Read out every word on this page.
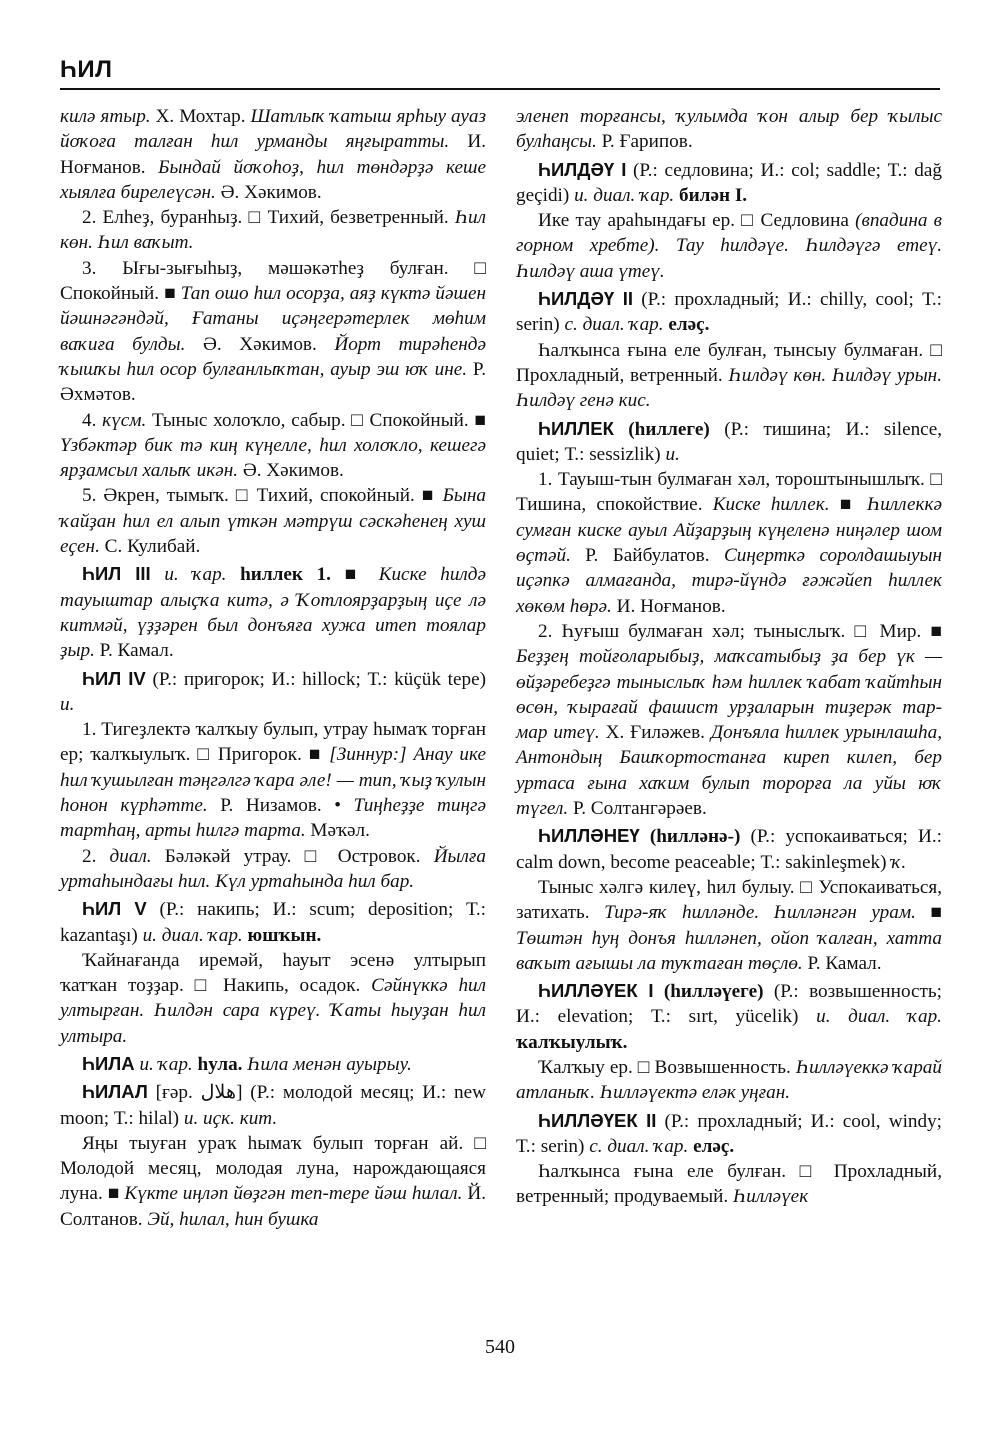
ҺИЛ

килә ятыр. Х. Мохтар. Шатлыҡ ҡатыш ярһыу ауаз йоҡоға талған һил урманды яңғыратты. И. Ноғманов. Бындай йоҡоһоҙ, һил төндәрҙә кеше хыялға бирелеүсән. Ә. Хәкимов.

2. Елһеҙ, буранһыҙ. □ Тихий, безветренный. Һил көн. Һил ваҡыт.

3. Ығы-зығыһыҙ, мәшәкәтһеҙ булған. □ Спокойный. ■ Тап ошо һил осорҙа, аяҙ күктә йәшен йәшнәгәндәй, Ғатаны иҫәңгерәтерлек мөһим ваҡиға булды. Ә. Хәкимов. Йорт тирәһендә ҡышҡы һил осор булғанлыҡтан, ауыр эш юҡ ине. Р. Әхмәтов.

4. күсм. Тыныс холоҡло, сабыр. □ Спокойный. ■ Үзбәктәр бик тә киң күңелле, һил холоҡло, кешегә ярҙамсыл халыҡ икән. Ә. Хәкимов.

5. Әкрен, тымыҡ. □ Тихий, спокойный. ■ Бына ҡайҙан һил ел алып үткән мәтрүш сәскәһенең хуш еҫен. С. Кулибай.

ҺИЛ III и. ҡар. һиллек 1. ■ Киске һилдә тауыштар алыҫҡа китә, ә Ҡотлоярҙарҙың иҫе лә китмәй, үҙҙәрен был донъяға хужа итеп тоялар ҙыр. Р. Камал.

ҺИЛ IV (Р.: пригорок; И.: hillock; Т.: küçük tepe) и.

1. Тигеҙлектә ҡалҡыу булып, утрау һымаҡ торған ер; ҡалҡыулыҡ. □ Пригорок. ■ [Зиннур:] Анау ике һил ҡушылған тәңгәлгә ҡара әле! — тип, ҡыҙ ҡулын һонон күрһәтте. Р. Низамов. • Тиңһеҙҙе тиңгә тартһаң, арты һилгә тарта. Мәҡәл.

2. диал. Бәләкәй утрау. □ Островок. Йылға уртаһындағы һил. Күл уртаһында һил бар.

ҺИЛ V (Р.: накипь; И.: scum; deposition; Т.: kazantaşı) и. диал. ҡар. юшҡын.

Ҡайнағанда иремәй, һауыт эсенә ултырып ҡатҡан тоҙҙар. □ Накипь, осадок. Сәйнүккә һил ултырған. Һилдән сара күреү. Ҡаты һыуҙан һил ултыра.

ҺИЛА и. ҡар. һула. Һила менән ауырыу.

ҺИЛАЛ [ғәр. هلال] (Р.: молодой месяц; И.: new moon; Т.: hilal) и. иҫк. кит.

Яңы тыуған ураҡ һымаҡ булып торған ай. □ Молодой месяц, молодая луна, нарождающаяся луна. ■ Күкте иңләп йөҙгән теп-тере йәш һилал. Й. Солтанов. Эй, һилал, һин бушка

эленеп торғансы, ҡулымда ҡон алыр бер ҡылыс булһаңсы. Р. Ғарипов.

ҺИЛДӘҮ I (Р.: седловина; И.: col; saddle; Т.: dağ geçidi) и. диал. ҡар. билән I.

Ике тау араһындағы ер. □ Седловина (впадина в горном хребте). Тау һилдәүе. Һилдәүгә етеү. Һилдәү аша үтеү.

ҺИЛДӘҮ II (Р.: прохладный; И.: chilly, cool; Т.: serin) с. диал. ҡар. еләҫ.

Һалҡынса ғына еле булған, тынсыу булмаған. □ Прохладный, ветренный. Һилдәү көн. Һилдәү урын. Һилдәү генә кис.

ҺИЛЛЕК (һиллеге) (Р.: тишина; И.: silence, quiet; Т.: sessizlik) и.

1. Тауыш-тын булмаған хәл, тороштынышлыҡ. □ Тишина, спокойствие. Киске һиллек. ■ Һиллеккә сумған киске ауыл Айҙарҙың күңеленә ниңәлер шом өҫтәй. Р. Байбулатов. Сиңерткә соролдашыуын иҫәпкә алмағанда, тирә-йүндә ғәжәйеп һиллек хөкөм һөрә. И. Ноғманов.

2. Һуғыш булмаған хәл; тыныслыҡ. □ Мир. ■ Беҙҙең тойғоларыбыҙ, маҡсатыбыҙ ҙа бер үк — өйҙәребеҙгә тыныслыҡ һәм һиллек ҡабат ҡайтһын өсөн, ҡырағай фашист урҙаларын тиҙерәк тар-мар итеү. Х. Ғиләжев. Донъяла һиллек урынлашһа, Антондың Башҡортостанға киреп килеп, бер уртаса ғына хаҡим булып торорға ла уйы юҡ түгел. Р. Солтангәрәев.

ҺИЛЛӘНЕҮ (һилләнә-) (Р.: успокаиваться; И.: calm down, become peaceable; Т.: sakinleşmek) ҡ.

Тыныс хәлгә килеү, һил булыу. □ Успокаиваться, затихать. Тирә-яҡ һилләнде. Һилләнгән урам. ■ Төштән һуң донъя һилләнеп, ойоп ҡалған, хатта ваҡыт ағышы ла туҡтаған төҫлө. Р. Камал.

ҺИЛЛӘҮЕК I (һилләүеге) (Р.: возвышенность; И.: elevation; Т.: sırt, yücelik) и. диал. ҡар. ҡалҡыулыҡ.

Ҡалҡыу ер. □ Возвышенность. Һилләүеккә ҡарай атланыҡ. Һилләүектә еләк уңған.

ҺИЛЛӘҮЕК II (Р.: прохладный; И.: cool, windy; Т.: serin) с. диал. ҡар. еләҫ.

Һалҡынса ғына еле булған. □ Прохладный, ветренный; продуваемый. Һилләүек

540
